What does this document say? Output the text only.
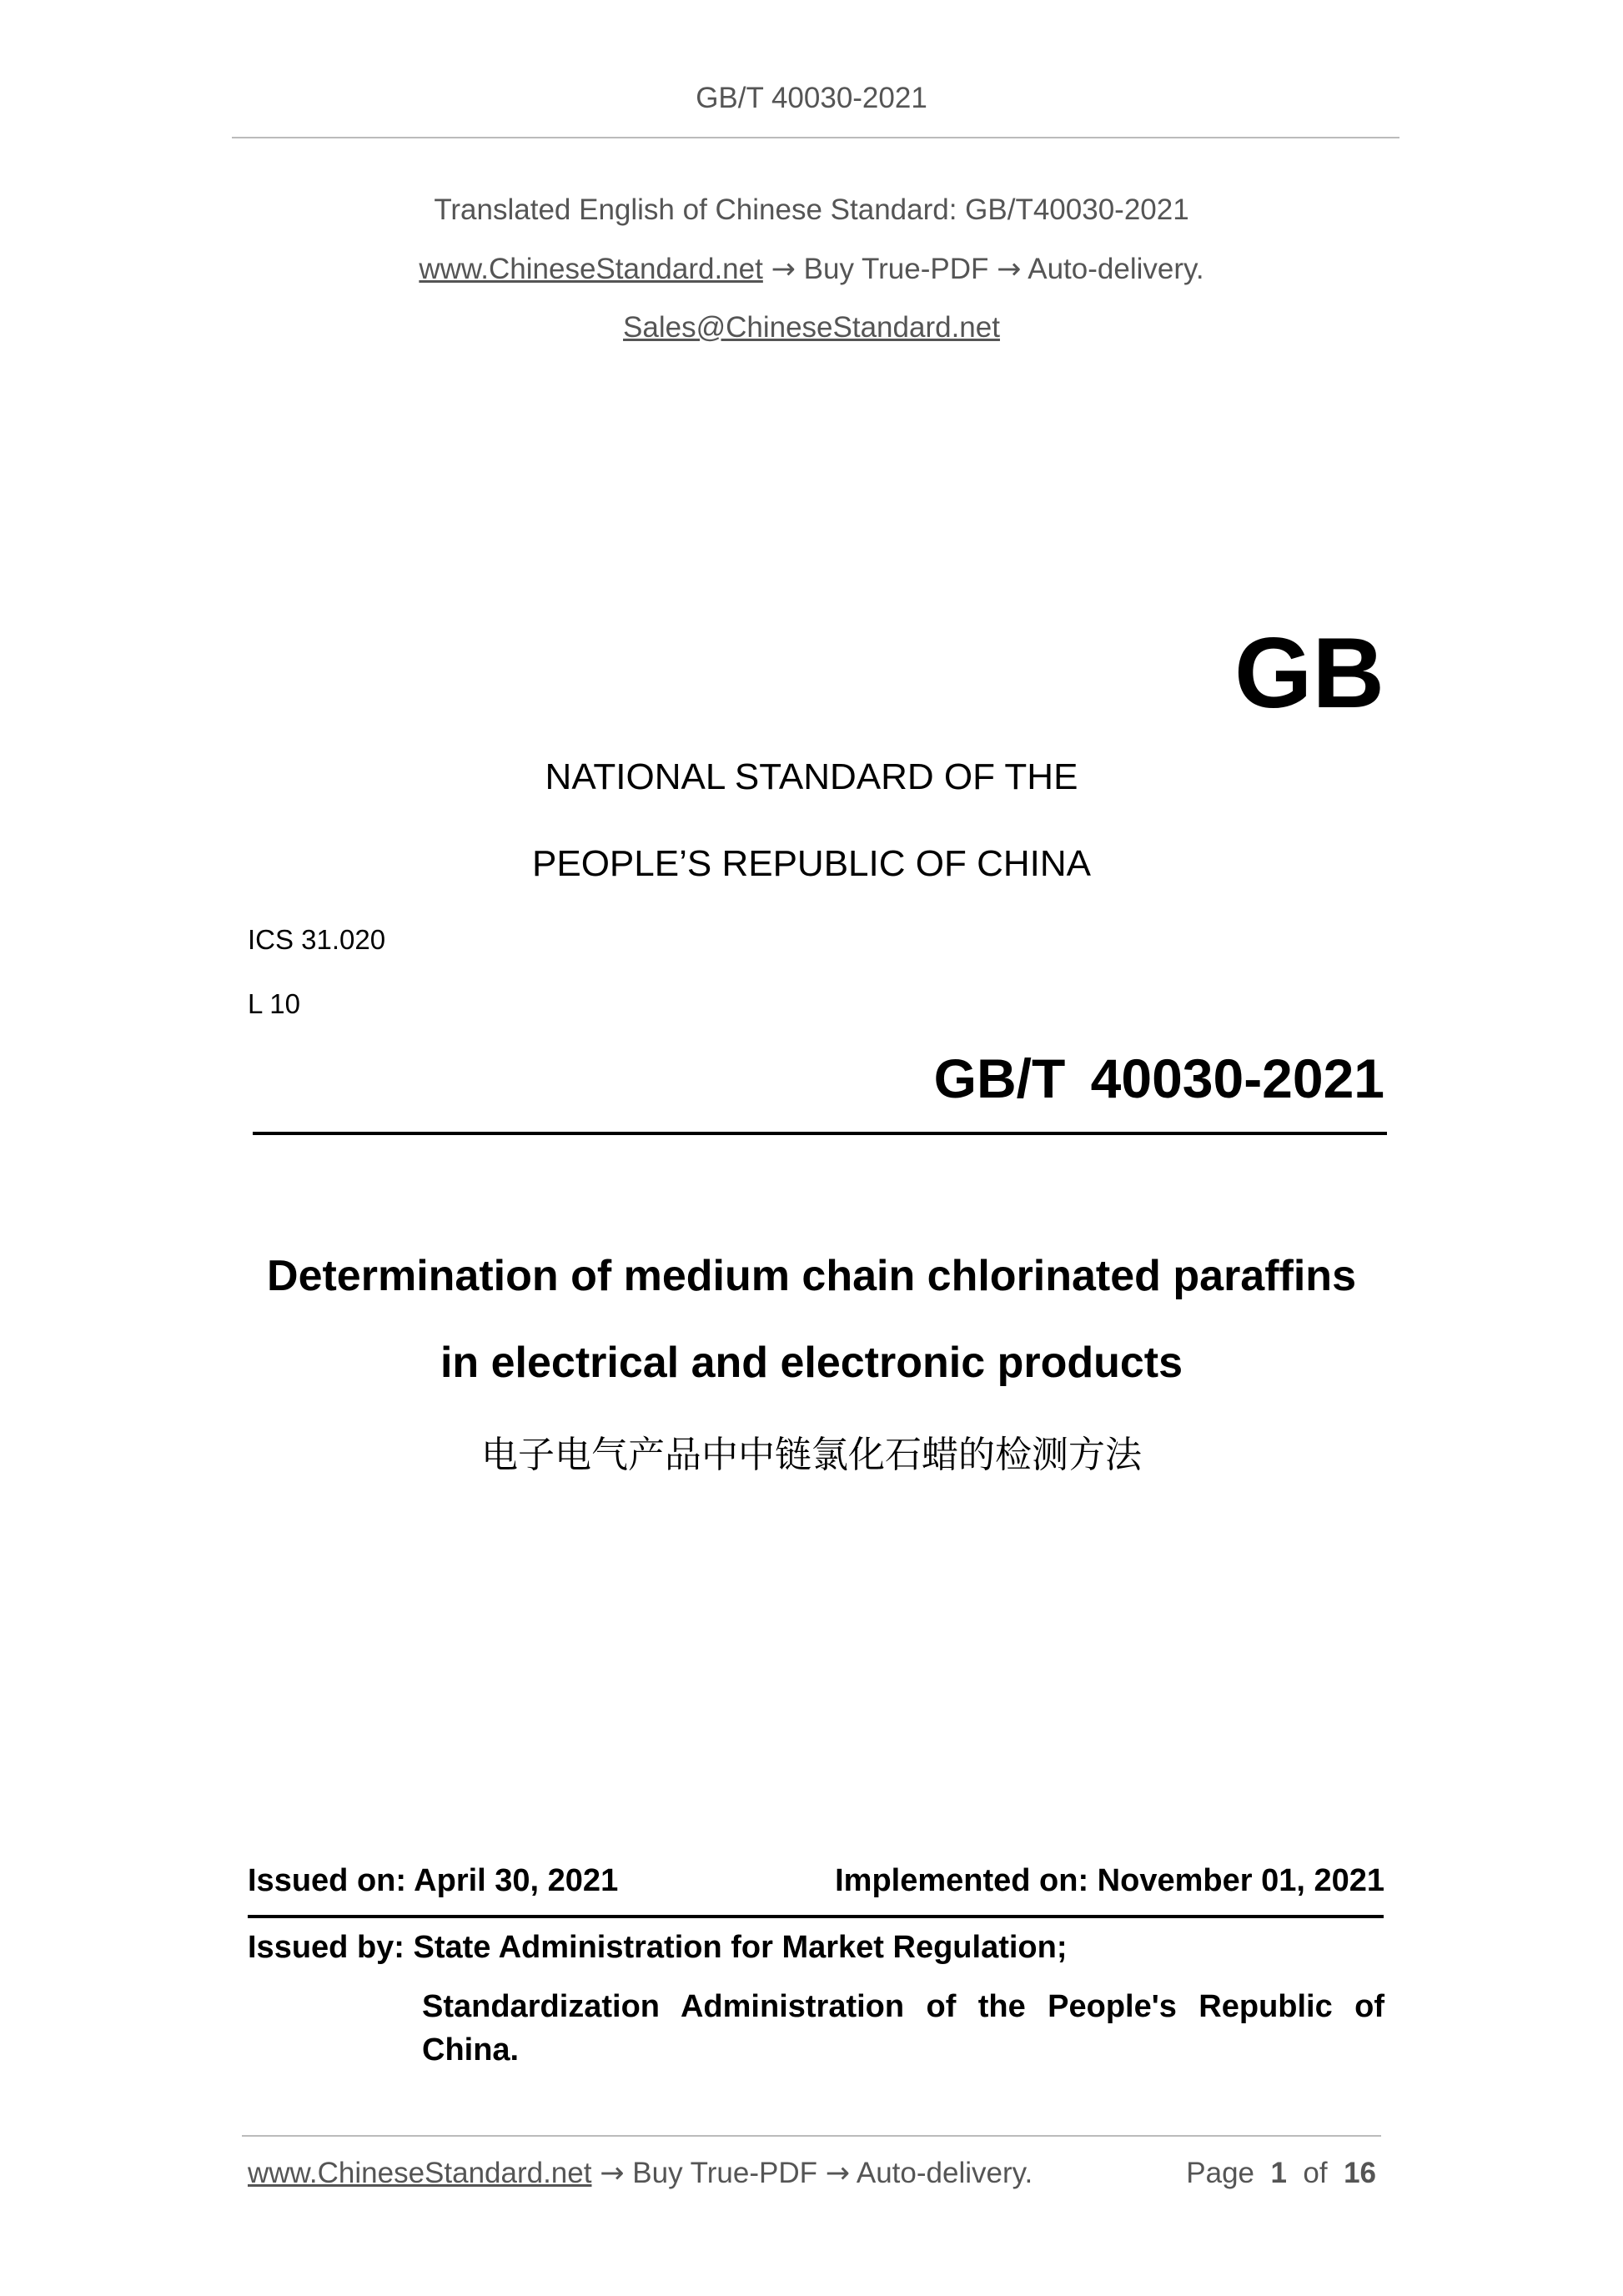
GB/T 40030-2021
Translated English of Chinese Standard: GB/T40030-2021
www.ChineseStandard.net → Buy True-PDF → Auto-delivery.
Sales@ChineseStandard.net
GB
NATIONAL STANDARD OF THE
PEOPLE’S REPUBLIC OF CHINA
ICS 31.020
L 10
GB/T 40030-2021
Determination of medium chain chlorinated paraffins
in electrical and electronic products
电子电气产品中中链氯化石蜡的检测方法
Issued on: April 30, 2021	Implemented on: November 01, 2021
Issued by: State Administration for Market Regulation;
Standardization Administration of the People's Republic of China.
www.ChineseStandard.net → Buy True-PDF → Auto-delivery.	Page 1 of 16
